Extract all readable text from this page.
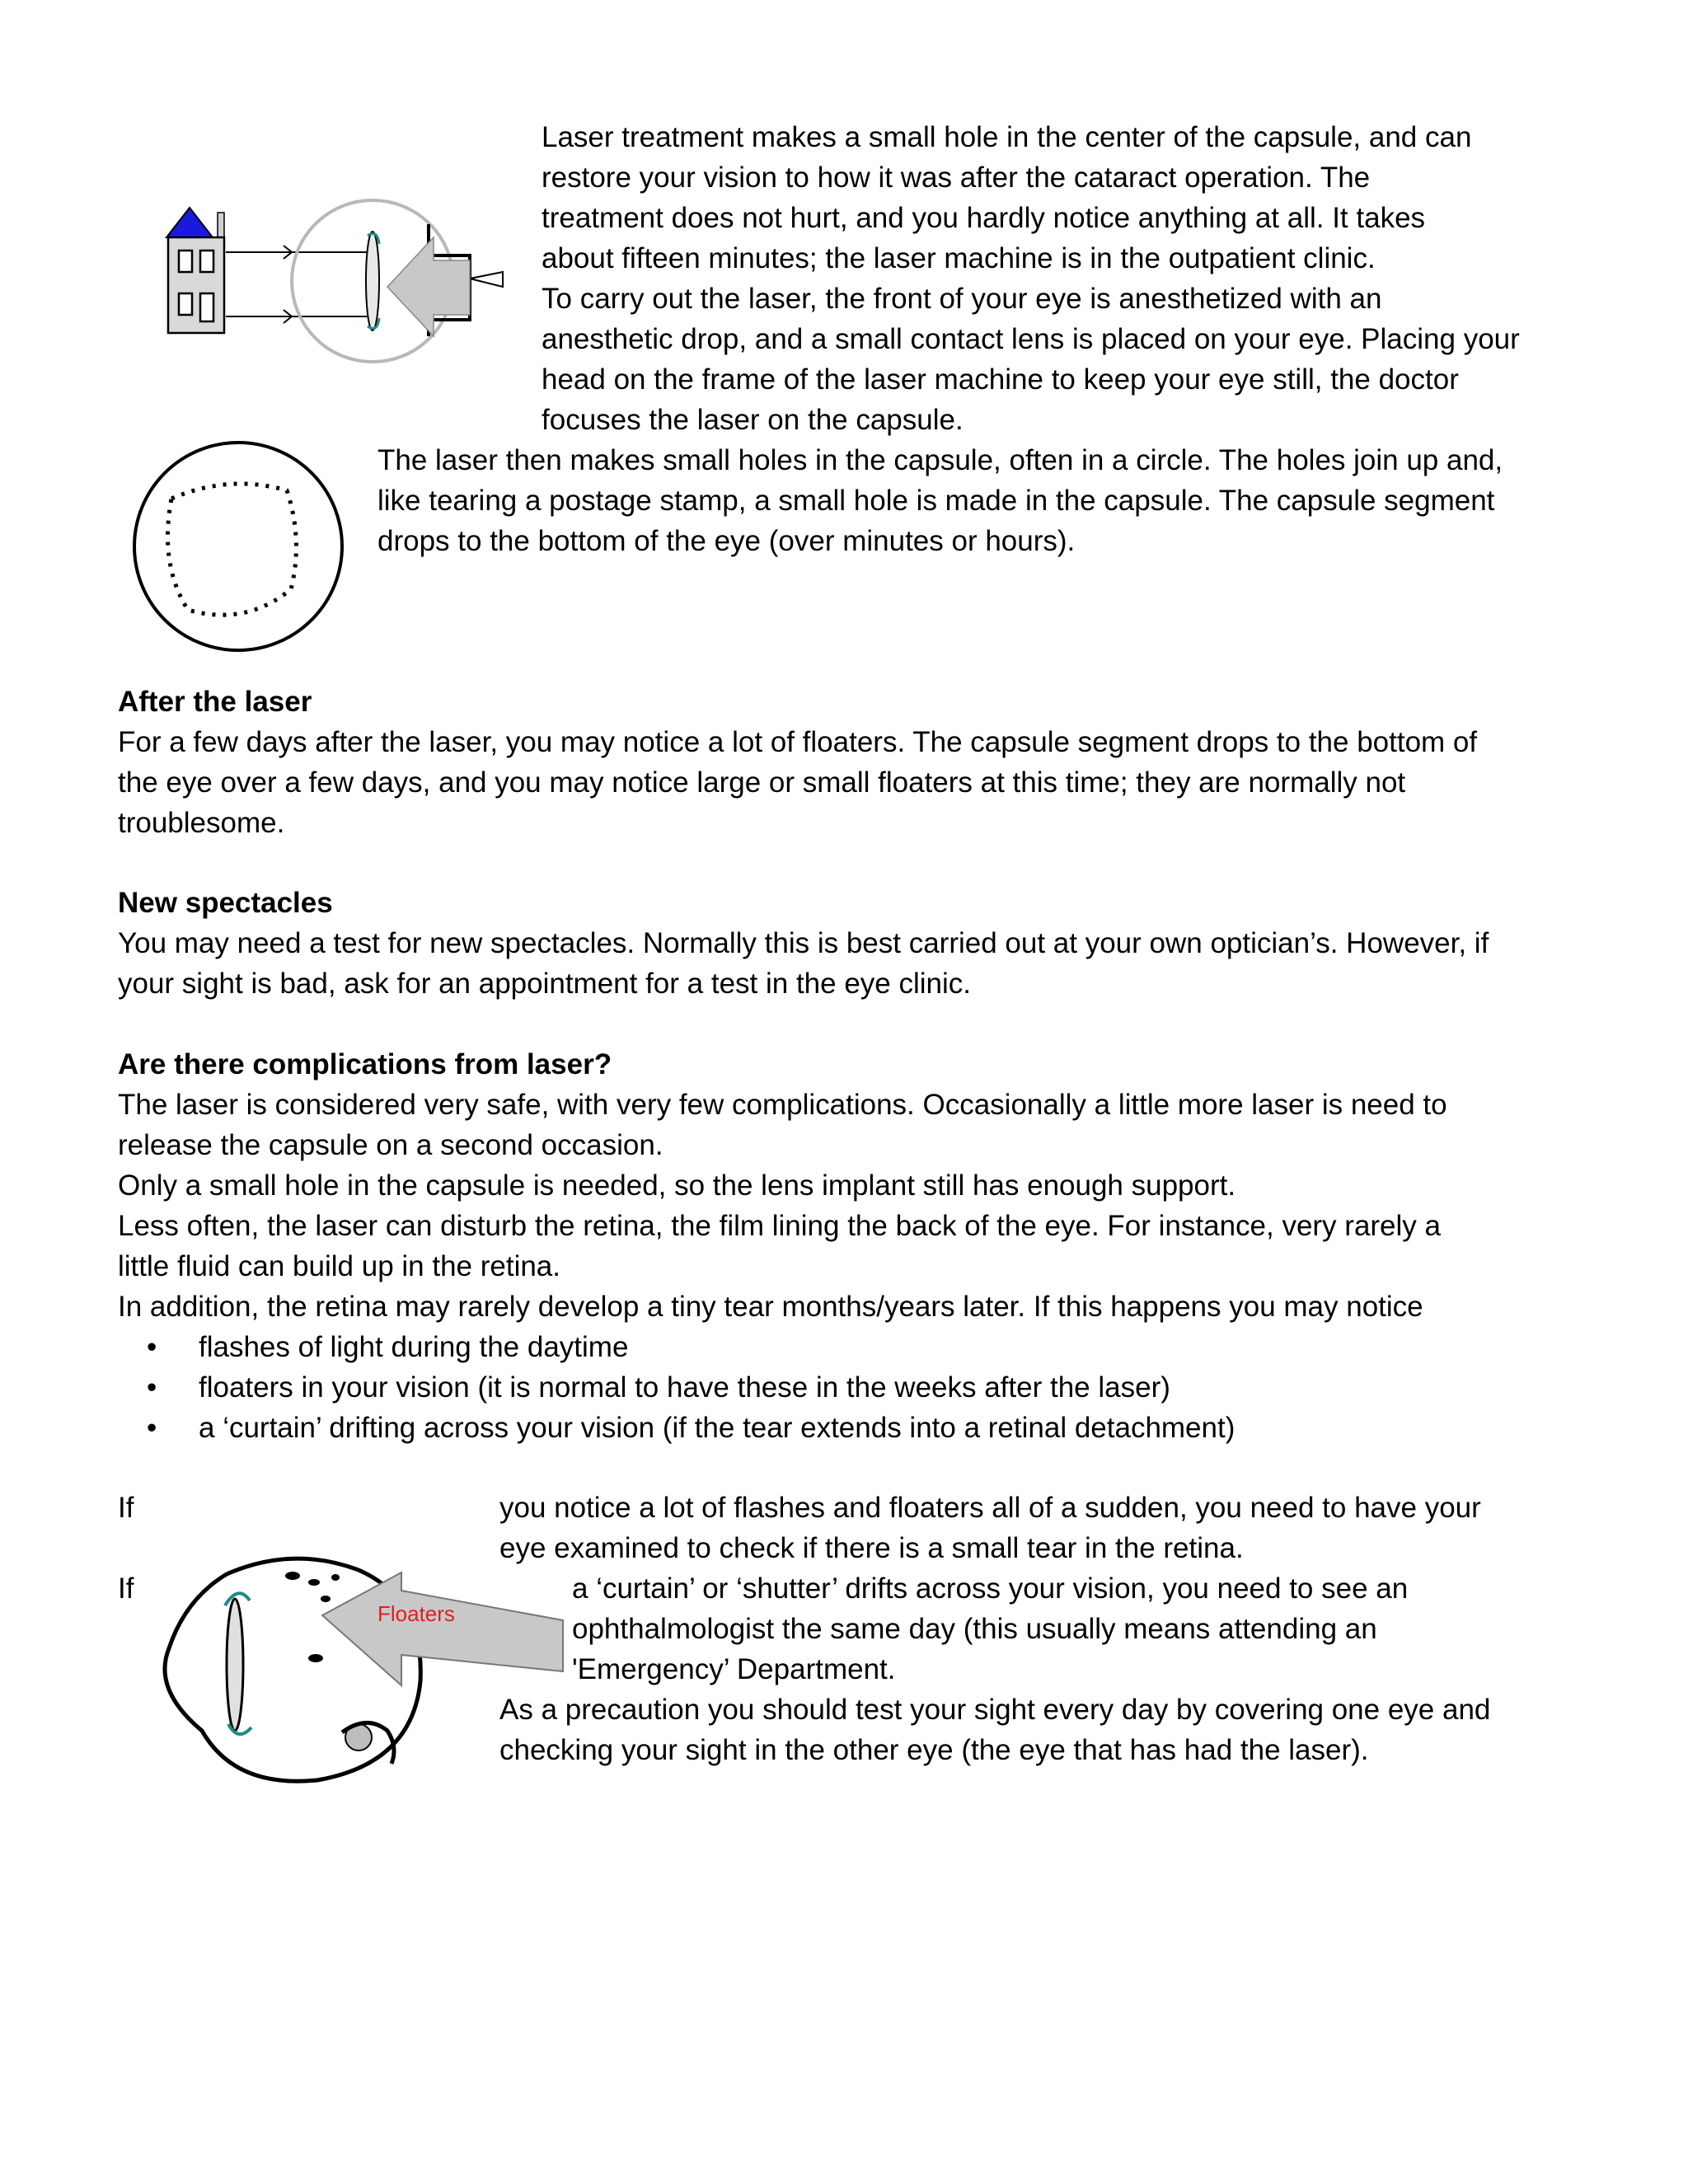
Laser treatment makes a small hole in the center of the capsule, and can

restore your vision to how it was after the cataract operation. The

treatment does not hurt, and you hardly notice anything at all. It takes

about fifteen minutes; the laser machine is in the outpatient clinic.

To carry out the laser, the front of your eye is anesthetized with an

anesthetic drop, and a small contact lens is placed on your eye. Placing your

head on the frame of the laser machine to keep your eye still, the doctor

focuses the laser on the capsule.

The laser then makes small holes in the capsule, often in a circle. The holes join up and,

like tearing a postage stamp, a small hole is made in the capsule. The capsule segment

drops to the bottom of the eye (over minutes or hours).

After the laser

For a few days after the laser, you may notice a lot of floaters. The capsule segment drops to the bottom of

the eye over a few days, and you may notice large or small floaters at this time; they are normally not

troublesome.

New spectacles

You may need a test for new spectacles. Normally this is best carried out at your own optician’s. However, if

your sight is bad, ask for an appointment for a test in the eye clinic.

Are there complications from laser?

The laser is considered very safe, with very few complications. Occasionally a little more laser is need to

release the capsule on a second occasion.

Only a small hole in the capsule is needed, so the lens implant still has enough support.

Less often, the laser can disturb the retina, the film lining the back of the eye. For instance, very rarely a

little fluid can build up in the retina.

In addition, the retina may rarely develop a tiny tear months/years later. If this happens you may notice

• flashes of light during the daytime

• floaters in your vision (it is normal to have these in the weeks after the laser)

• a ‘curtain’ drifting across your vision (if the tear extends into a retinal detachment)

If	you notice a lot of flashes and floaters all of a sudden, you need to have your

eye examined to check if there is a small tear in the retina.

If	a ‘curtain’ or ‘shutter’ drifts across your vision, you need to see an

ophthalmologist the same day (this usually means attending an

'Emergency’ Department.

As a precaution you should test your sight every day by covering one eye and

checking your sight in the other eye (the eye that has had the laser).

Floaters
